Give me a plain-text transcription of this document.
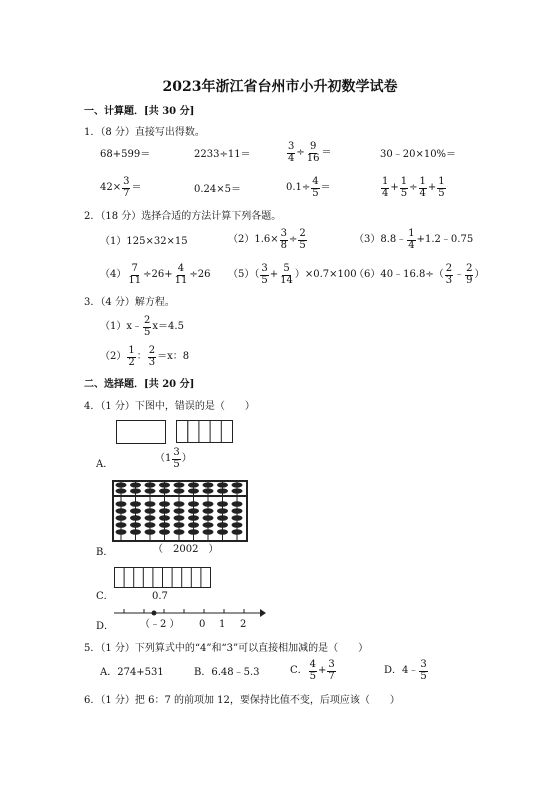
2023年浙江省台州市小升初数学试卷
一、计算题．[共 30 分]
1．（8 分）直接写出得数。
68+599＝	2233÷11＝	$\frac{3}{4} \div \frac{9}{16}$ ＝	30﹣20×10%＝
$42\times \frac{3}{7}$ ＝	0.24×5＝	$0.1\div \frac{4}{5}$ ＝	$\frac{1}{4} + \frac{1}{5} \div \frac{1}{4} + \frac{1}{5}$
2．（18 分）选择合适的方法计算下列各题。
（1）125×32×15	$(2)1.6\times \frac{3}{8} \div \frac{2}{5}$	（3）8.8﹣ $\frac{1}{4}$ +1.2﹣0.75
$(4) \frac{7}{11} \div 26+ \frac{4}{11} \div 26$ $(5)( \frac{3}{5} + \frac{5}{14} )\times 0.7\times 100$
（6）40﹣16.8÷（ $\frac{2}{3}$ ﹣ $\frac{2}{9}$ ）
3．（4 分）解方程。
（1）x﹣ $\frac{2}{5} x=4.5$
$(2) \frac{1}{2}$ ： $\frac{2}{3} =x$：8
二、选择题．[共 20 分]
4．（1 分）下图中，错误的是（　　）
（$1 \frac{3}{5}$ ）
A．
（　2002　）
B．
0.7
C．
（﹣2 ） 0 1 2
D．
5．（1 分）下列算式中的“4”和“3”可以直接相加减的是（　　）
A．274+531	B．6.48﹣5.3	C． $\frac{4}{5} + \frac{3}{7}$	D．4﹣ $\frac{3}{5}$
6．（1 分）把 6：7 的前项加 12，要保持比值不变，后项应该（　　）
